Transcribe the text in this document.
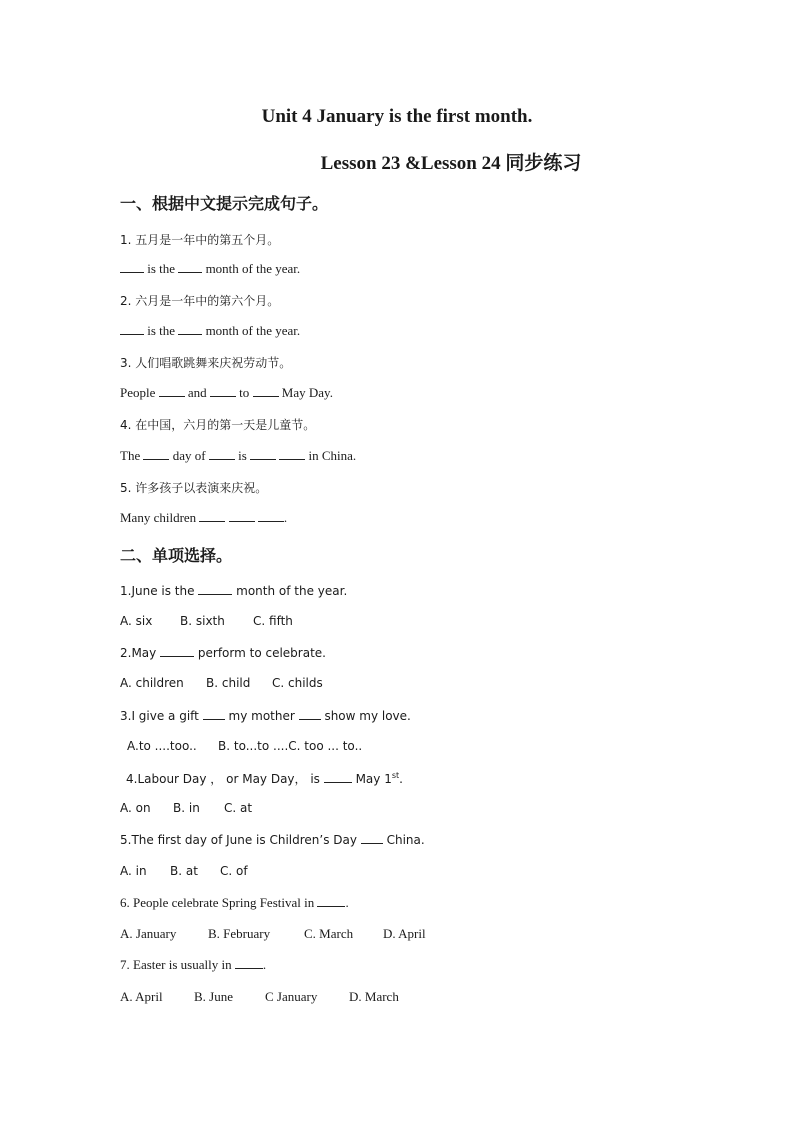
Unit 4 January is the first month.
Lesson 23 &Lesson 24 同步练习
一、根据中文提示完成句子。
1. 五月是一年中的第五个月。
is the  month of the year.
2. 六月是一年中的第六个月。
is the  month of the year.
3. 人们唱歌跳舞来庆祝劳动节。
People  and  to  May Day.
4. 在中国，六月的第一天是儿童节。
The  day of  is	in China.
5. 许多孩子以表演来庆祝。
Many children	.
二、单项选择。
1.June is the	month of the year.
A. six B. sixth C. fifth
2.May	perform to celebrate.
A. children B. child C. childs
3.I give a gift  my mother  show my love.
A.to ....too.. B. to...to ....C. too ... to..
4.Labour Day ， or May Day， is  May 1st.
A. on B. in C. at
5.The first day of June is Children’s Day  China.
A. in B. at C. of
6. People celebrate Spring Festival in .
A. January B. February	C. March D. April
7. Easter is usually in .
A. April B. June C January D. March
